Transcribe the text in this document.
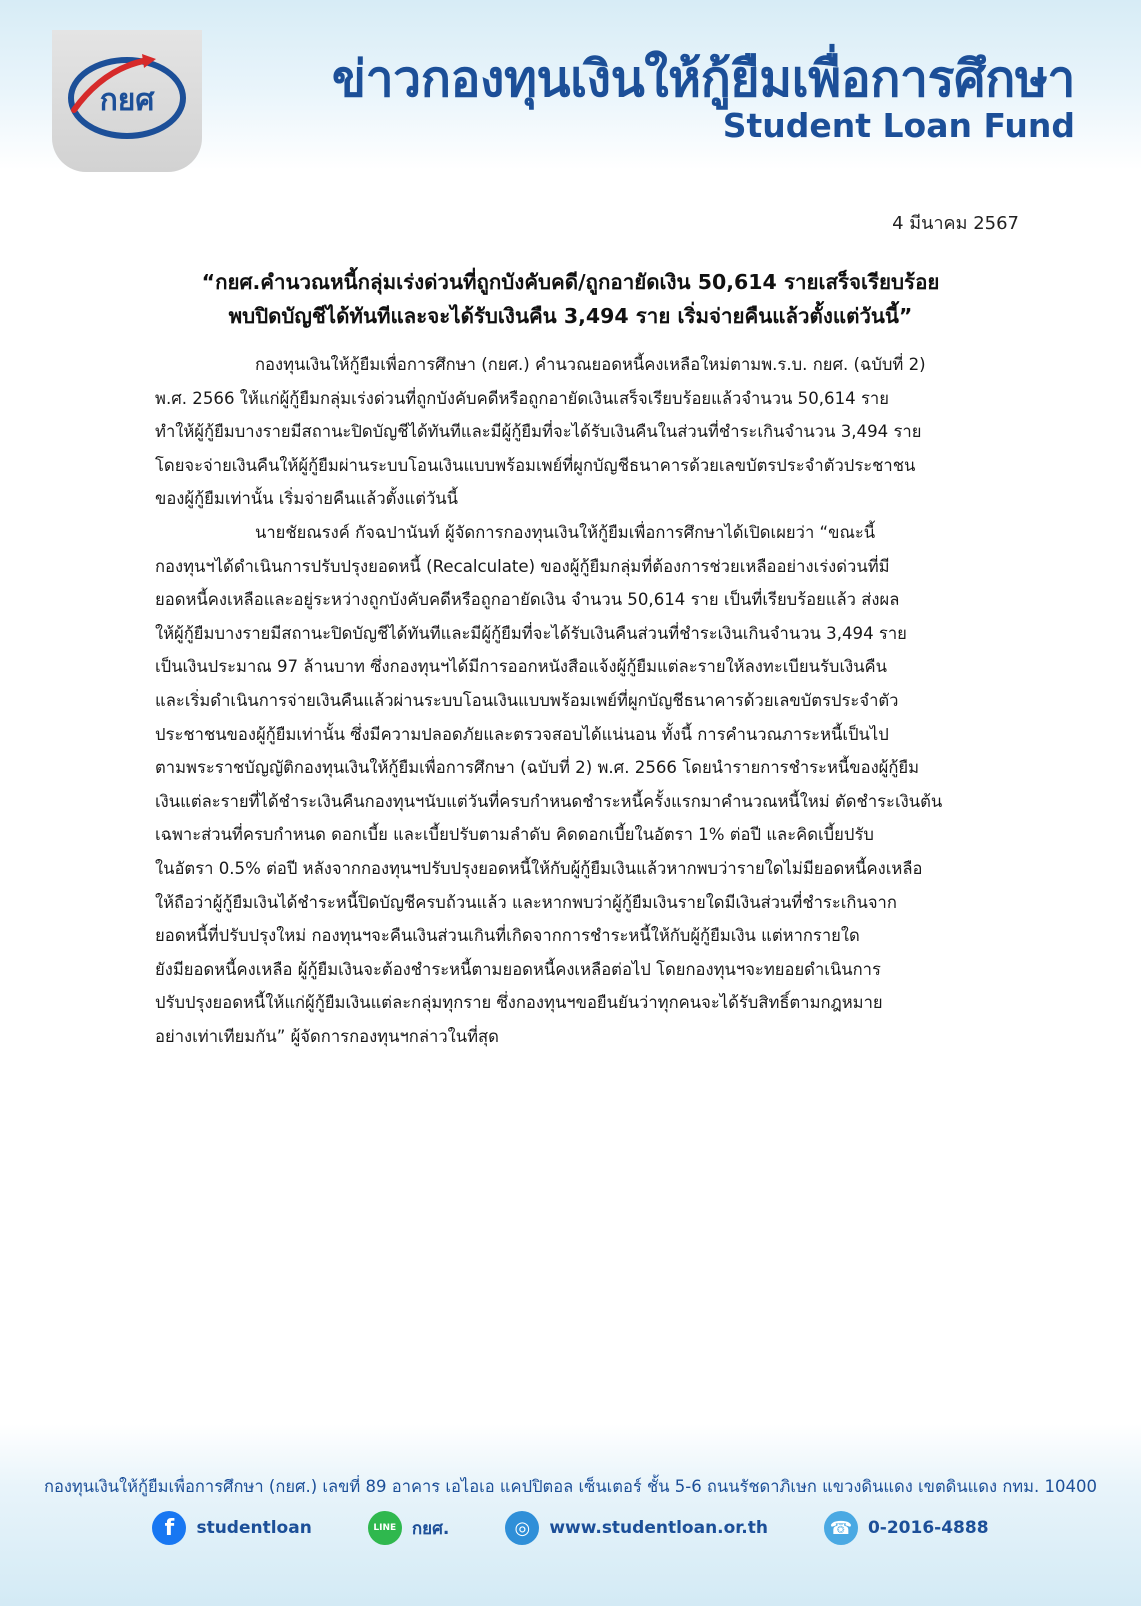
กยศ	ข่าวกองทุนเงินให้กู้ยืมเพื่อการศึกษา
Student Loan Fund
4 มีนาคม 2567
“กยศ.คำนวณหนี้กลุ่มเร่งด่วนที่ถูกบังคับคดี/ถูกอายัดเงิน 50,614 รายเสร็จเรียบร้อย
พบปิดบัญชีได้ทันทีและจะได้รับเงินคืน 3,494 ราย เริ่มจ่ายคืนแล้วตั้งแต่วันนี้”
กองทุนเงินให้กู้ยืมเพื่อการศึกษา (กยศ.) คำนวณยอดหนี้คงเหลือใหม่ตามพ.ร.บ. กยศ. (ฉบับที่ 2)
พ.ศ. 2566 ให้แก่ผู้กู้ยืมกลุ่มเร่งด่วนที่ถูกบังคับคดีหรือถูกอายัดเงินเสร็จเรียบร้อยแล้วจำนวน 50,614 ราย
ทำให้ผู้กู้ยืมบางรายมีสถานะปิดบัญชีได้ทันทีและมีผู้กู้ยืมที่จะได้รับเงินคืนในส่วนที่ชำระเกินจำนวน 3,494 ราย
โดยจะจ่ายเงินคืนให้ผู้กู้ยืมผ่านระบบโอนเงินแบบพร้อมเพย์ที่ผูกบัญชีธนาคารด้วยเลขบัตรประจำตัวประชาชน
ของผู้กู้ยืมเท่านั้น เริ่มจ่ายคืนแล้วตั้งแต่วันนี้
นายชัยณรงค์ กัจฉปานันท์ ผู้จัดการกองทุนเงินให้กู้ยืมเพื่อการศึกษาได้เปิดเผยว่า “ขณะนี้
กองทุนฯได้ดำเนินการปรับปรุงยอดหนี้ (Recalculate) ของผู้กู้ยืมกลุ่มที่ต้องการช่วยเหลืออย่างเร่งด่วนที่มี
ยอดหนี้คงเหลือและอยู่ระหว่างถูกบังคับคดีหรือถูกอายัดเงิน จำนวน 50,614 ราย เป็นที่เรียบร้อยแล้ว ส่งผล
ให้ผู้กู้ยืมบางรายมีสถานะปิดบัญชีได้ทันทีและมีผู้กู้ยืมที่จะได้รับเงินคืนส่วนที่ชำระเงินเกินจำนวน 3,494 ราย
เป็นเงินประมาณ 97 ล้านบาท ซึ่งกองทุนฯได้มีการออกหนังสือแจ้งผู้กู้ยืมแต่ละรายให้ลงทะเบียนรับเงินคืน
และเริ่มดำเนินการจ่ายเงินคืนแล้วผ่านระบบโอนเงินแบบพร้อมเพย์ที่ผูกบัญชีธนาคารด้วยเลขบัตรประจำตัว
ประชาชนของผู้กู้ยืมเท่านั้น ซึ่งมีความปลอดภัยและตรวจสอบได้แน่นอน ทั้งนี้ การคำนวณภาระหนี้เป็นไป
ตามพระราชบัญญัติกองทุนเงินให้กู้ยืมเพื่อการศึกษา (ฉบับที่ 2) พ.ศ. 2566 โดยนำรายการชำระหนี้ของผู้กู้ยืม
เงินแต่ละรายที่ได้ชำระเงินคืนกองทุนฯนับแต่วันที่ครบกำหนดชำระหนี้ครั้งแรกมาคำนวณหนี้ใหม่ ตัดชำระเงินต้น
เฉพาะส่วนที่ครบกำหนด ดอกเบี้ย และเบี้ยปรับตามลำดับ คิดดอกเบี้ยในอัตรา 1% ต่อปี และคิดเบี้ยปรับ
ในอัตรา 0.5% ต่อปี หลังจากกองทุนฯปรับปรุงยอดหนี้ให้กับผู้กู้ยืมเงินแล้วหากพบว่ารายใดไม่มียอดหนี้คงเหลือ
ให้ถือว่าผู้กู้ยืมเงินได้ชำระหนี้ปิดบัญชีครบถ้วนแล้ว และหากพบว่าผู้กู้ยืมเงินรายใดมีเงินส่วนที่ชำระเกินจาก
ยอดหนี้ที่ปรับปรุงใหม่ กองทุนฯจะคืนเงินส่วนเกินที่เกิดจากการชำระหนี้ให้กับผู้กู้ยืมเงิน แต่หากรายใด
ยังมียอดหนี้คงเหลือ ผู้กู้ยืมเงินจะต้องชำระหนี้ตามยอดหนี้คงเหลือต่อไป โดยกองทุนฯจะทยอยดำเนินการ
ปรับปรุงยอดหนี้ให้แก่ผู้กู้ยืมเงินแต่ละกลุ่มทุกราย ซึ่งกองทุนฯขอยืนยันว่าทุกคนจะได้รับสิทธิ์ตามกฎหมาย
อย่างเท่าเทียมกัน” ผู้จัดการกองทุนฯกล่าวในที่สุด
กองทุนเงินให้กู้ยืมเพื่อการศึกษา (กยศ.) เลขที่ 89 อาคาร เอไอเอ แคปปิตอล เซ็นเตอร์ ชั้น 5-6 ถนนรัชดาภิเษก แขวงดินแดง เขตดินแดง กทม. 10400
f	studentloan	LINE กยศ.	◎	www.studentloan.or.th	☎ 0-2016-4888
